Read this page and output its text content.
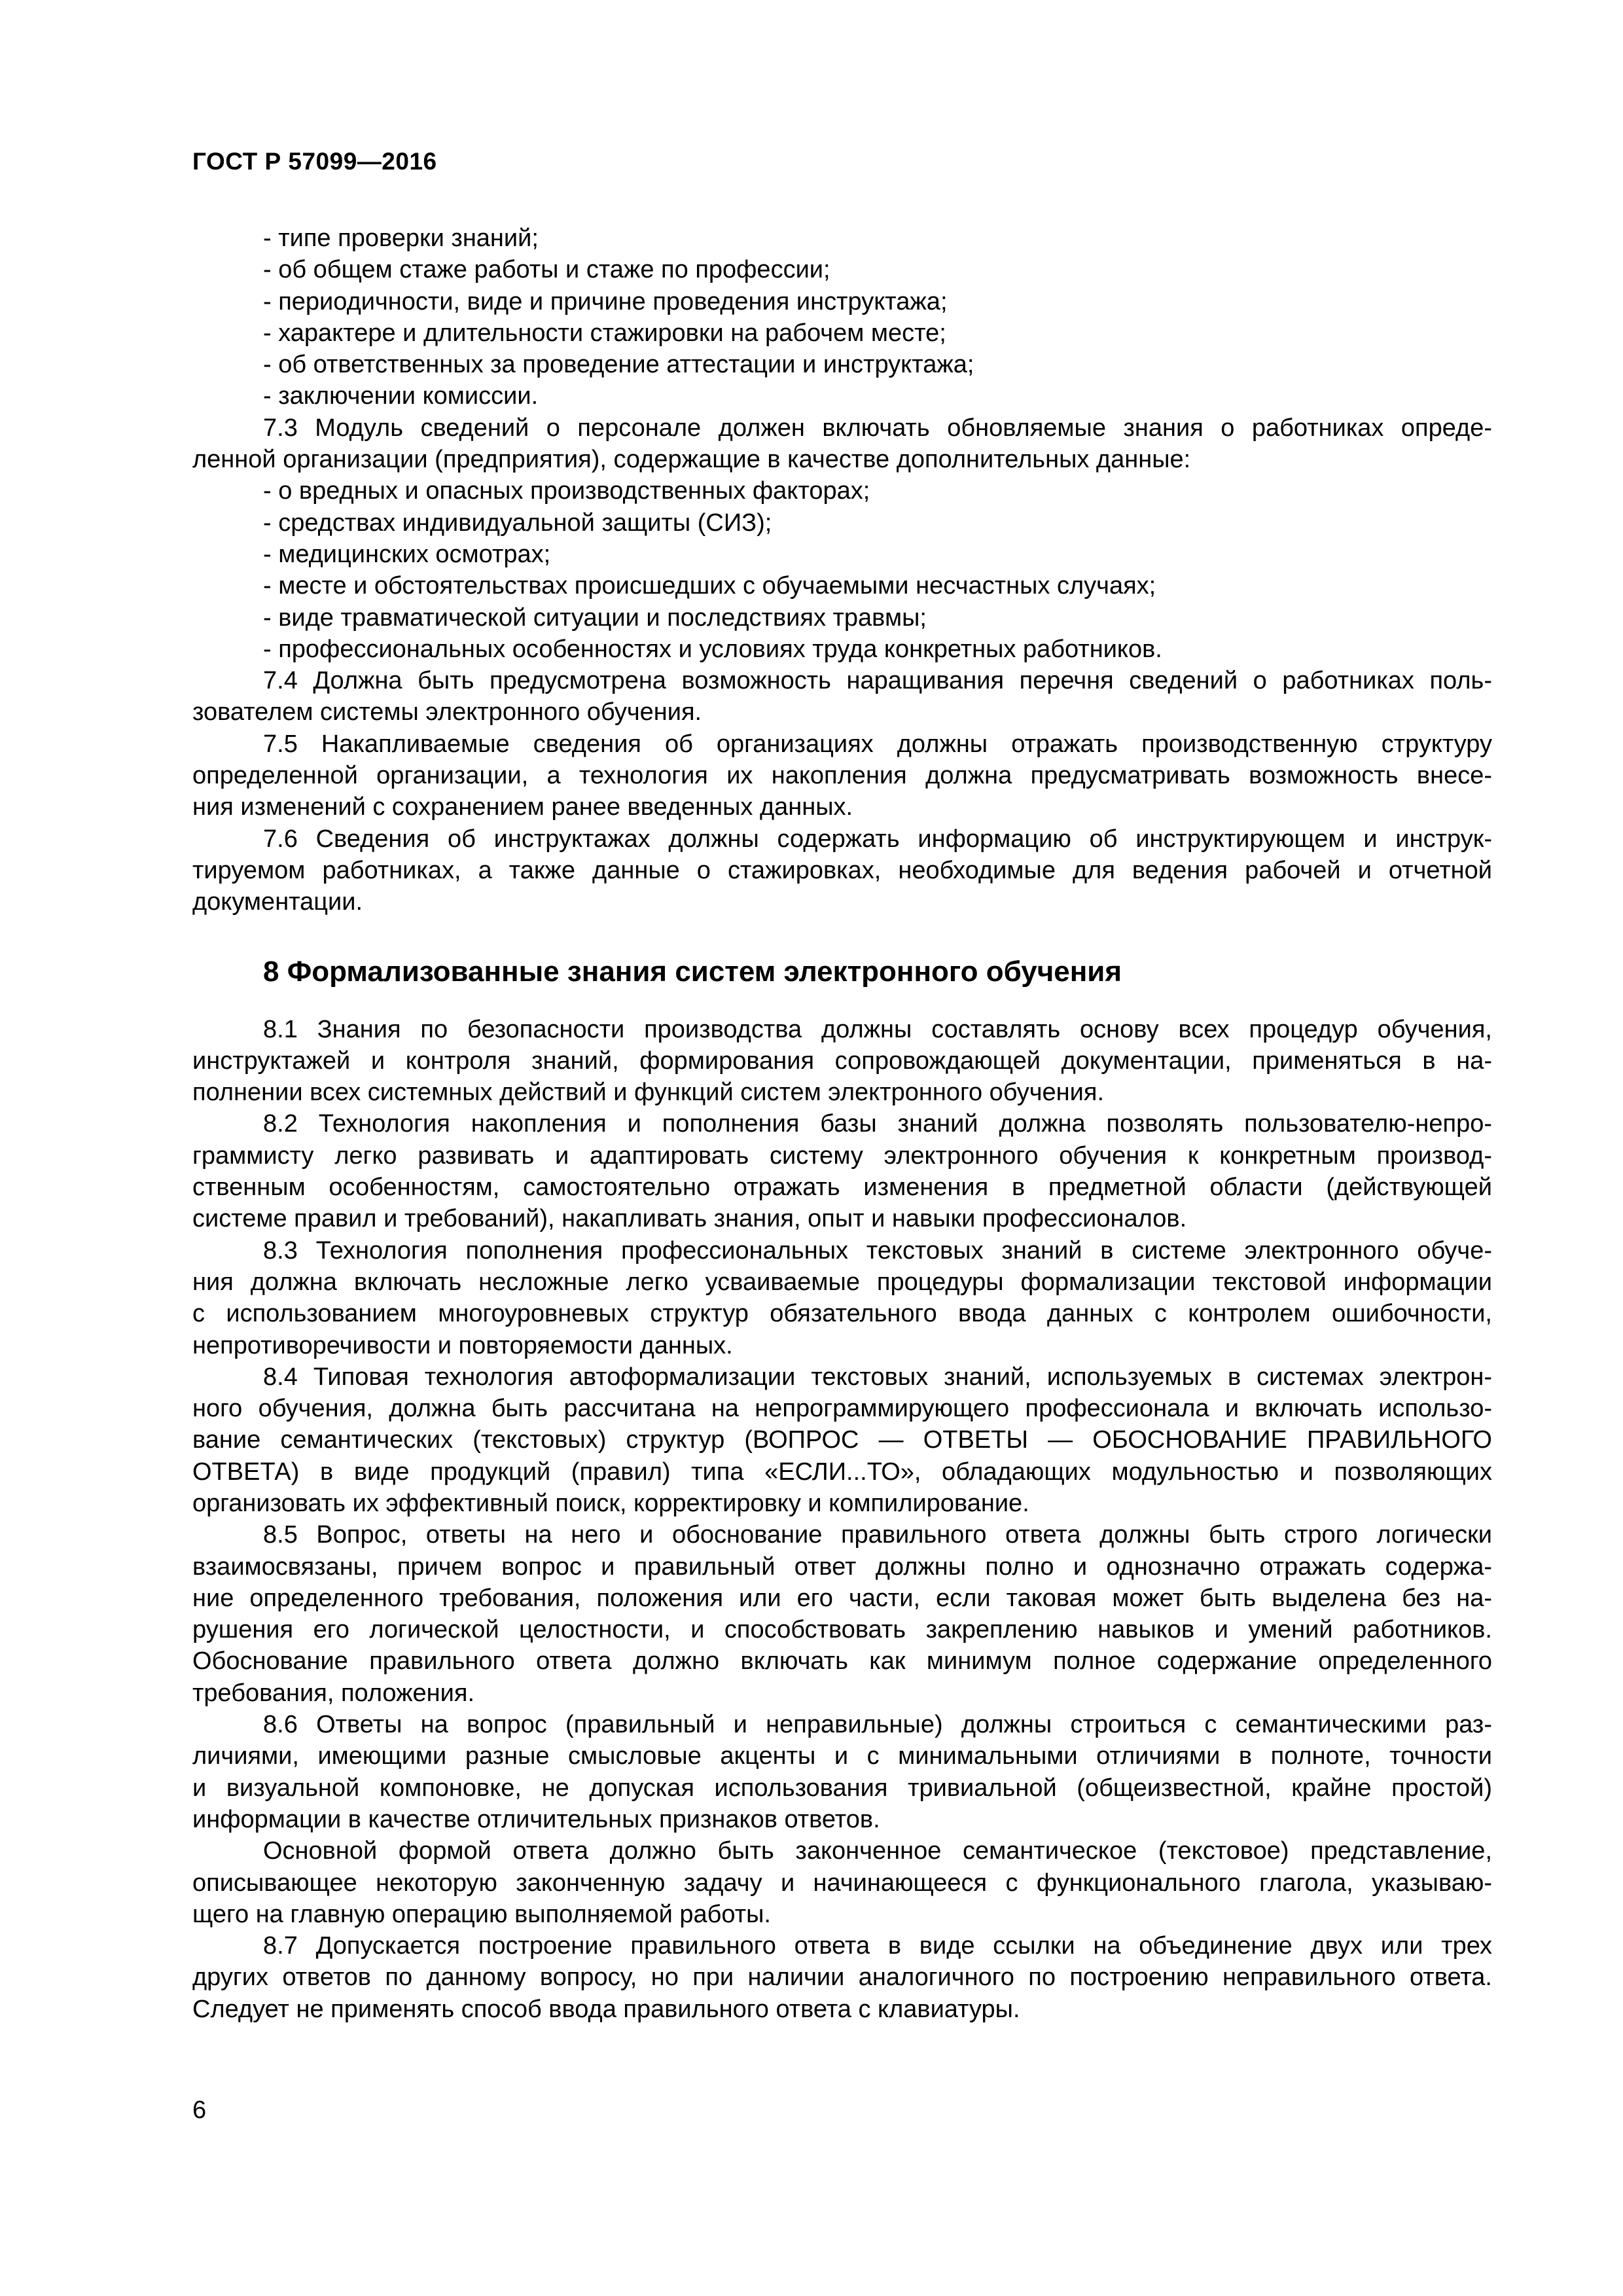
ГОСТ Р 57099—2016
- типе проверки знаний;
- об общем стаже работы и стаже по профессии;
- периодичности, виде и причине проведения инструктажа;
- характере и длительности стажировки на рабочем месте;
- об ответственных за проведение аттестации и инструктажа;
- заключении комиссии.
7.3 Модуль сведений о персонале должен включать обновляемые знания о работниках опреде-
ленной организации (предприятия), содержащие в качестве дополнительных данные:
- о вредных и опасных производственных факторах;
- средствах индивидуальной защиты (СИЗ);
- медицинских осмотрах;
- месте и обстоятельствах происшедших с обучаемыми несчастных случаях;
- виде травматической ситуации и последствиях травмы;
- профессиональных особенностях и условиях труда конкретных работников.
7.4 Должна быть предусмотрена возможность наращивания перечня сведений о работниках поль-
зователем системы электронного обучения.
7.5 Накапливаемые сведения об организациях должны отражать производственную структуру
определенной организации, а технология их накопления должна предусматривать возможность внесе-
ния изменений с сохранением ранее введенных данных.
7.6 Сведения об инструктажах должны содержать информацию об инструктирующем и инструк-
тируемом работниках, а также данные о стажировках, необходимые для ведения рабочей и отчетной
документации.
8 Формализованные знания систем электронного обучения
8.1 Знания по безопасности производства должны составлять основу всех процедур обучения,
инструктажей и контроля знаний, формирования сопровождающей документации, применяться в на-
полнении всех системных действий и функций систем электронного обучения.
8.2 Технология накопления и пополнения базы знаний должна позволять пользователю-непро-
граммисту легко развивать и адаптировать систему электронного обучения к конкретным производ-
ственным особенностям, самостоятельно отражать изменения в предметной области (действующей
системе правил и требований), накапливать знания, опыт и навыки профессионалов.
8.3 Технология пополнения профессиональных текстовых знаний в системе электронного обуче-
ния должна включать несложные легко усваиваемые процедуры формализации текстовой информации
с использованием многоуровневых структур обязательного ввода данных с контролем ошибочности,
непротиворечивости и повторяемости данных.
8.4 Типовая технология автоформализации текстовых знаний, используемых в системах электрон-
ного обучения, должна быть рассчитана на непрограммирующего профессионала и включать использо-
вание семантических (текстовых) структур (ВОПРОС — ОТВЕТЫ — ОБОСНОВАНИЕ ПРАВИЛЬНОГО
ОТВЕТА) в виде продукций (правил) типа «ЕСЛИ...ТО», обладающих модульностью и позволяющих
организовать их эффективный поиск, корректировку и компилирование.
8.5 Вопрос, ответы на него и обоснование правильного ответа должны быть строго логически
взаимосвязаны, причем вопрос и правильный ответ должны полно и однозначно отражать содержа-
ние определенного требования, положения или его части, если таковая может быть выделена без на-
рушения его логической целостности, и способствовать закреплению навыков и умений работников.
Обоснование правильного ответа должно включать как минимум полное содержание определенного
требования, положения.
8.6 Ответы на вопрос (правильный и неправильные) должны строиться с семантическими раз-
личиями, имеющими разные смысловые акценты и с минимальными отличиями в полноте, точности
и визуальной компоновке, не допуская использования тривиальной (общеизвестной, крайне простой)
информации в качестве отличительных признаков ответов.
Основной формой ответа должно быть законченное семантическое (текстовое) представление,
описывающее некоторую законченную задачу и начинающееся с функционального глагола, указываю-
щего на главную операцию выполняемой работы.
8.7 Допускается построение правильного ответа в виде ссылки на объединение двух или трех
других ответов по данному вопросу, но при наличии аналогичного по построению неправильного ответа.
Следует не применять способ ввода правильного ответа с клавиатуры.
6
